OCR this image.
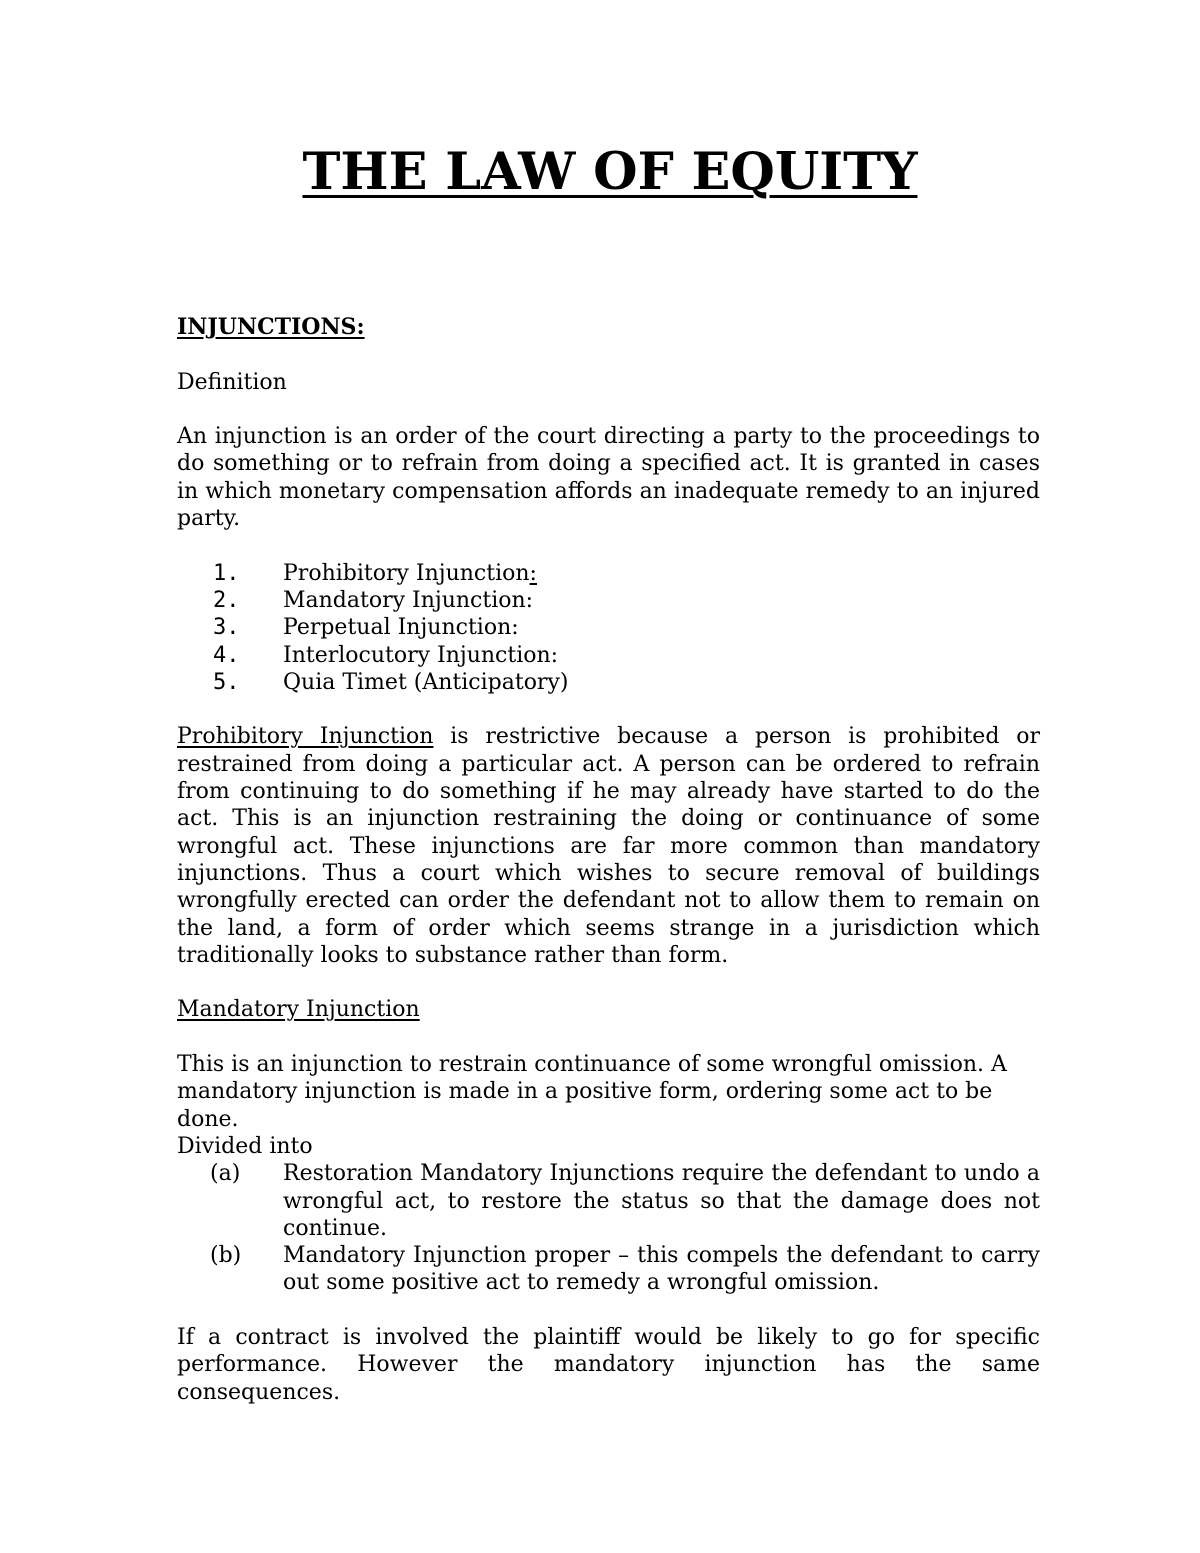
THE LAW OF EQUITY

INJUNCTIONS:

Definition

An injunction is an order of the court directing a party to the proceedings to do something or to refrain from doing a specified act. It is granted in cases in which monetary compensation affords an inadequate remedy to an injured party.

1. Prohibitory Injunction:
2. Mandatory Injunction:
3. Perpetual Injunction:
4. Interlocutory Injunction:
5. Quia Timet (Anticipatory)

Prohibitory Injunction is restrictive because a person is prohibited or restrained from doing a particular act. A person can be ordered to refrain from continuing to do something if he may already have started to do the act. This is an injunction restraining the doing or continuance of some wrongful act. These injunctions are far more common than mandatory injunctions. Thus a court which wishes to secure removal of buildings wrongfully erected can order the defendant not to allow them to remain on the land, a form of order which seems strange in a jurisdiction which traditionally looks to substance rather than form.

Mandatory Injunction

This is an injunction to restrain continuance of some wrongful omission. A mandatory injunction is made in a positive form, ordering some act to be done.

Divided into

(a) Restoration Mandatory Injunctions require the defendant to undo a wrongful act, to restore the status so that the damage does not continue.
(b) Mandatory Injunction proper – this compels the defendant to carry out some positive act to remedy a wrongful omission.

If a contract is involved the plaintiff would be likely to go for specific performance. However the mandatory injunction has the same consequences.
